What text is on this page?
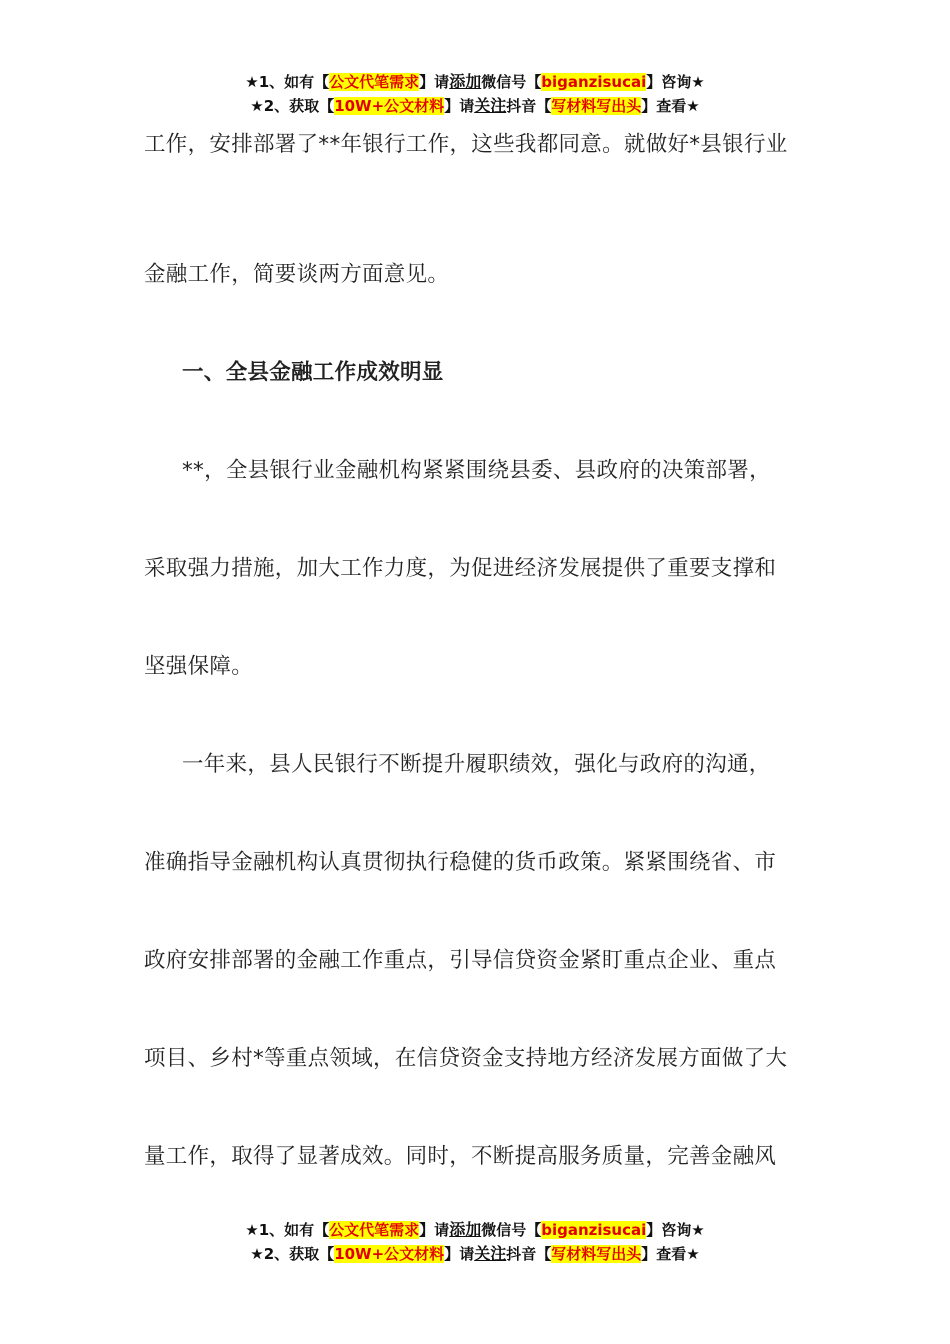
★1、如有【公文代笔需求】请添加微信号【biganzisucai】咨询★
★2、获取【10W+公文材料】请关注抖音【写材料写出头】查看★

工作，安排部署了**年银行工作，这些我都同意。就做好*县银行业

金融工作，简要谈两方面意见。

一、全县金融工作成效明显

**，全县银行业金融机构紧紧围绕县委、县政府的决策部署，

采取强力措施，加大工作力度，为促进经济发展提供了重要支撑和

坚强保障。

一年来，县人民银行不断提升履职绩效，强化与政府的沟通，

准确指导金融机构认真贯彻执行稳健的货币政策。紧紧围绕省、市

政府安排部署的金融工作重点，引导信贷资金紧盯重点企业、重点

项目、乡村*等重点领域，在信贷资金支持地方经济发展方面做了大

量工作，取得了显著成效。同时，不断提高服务质量，完善金融风

★1、如有【公文代笔需求】请添加微信号【biganzisucai】咨询★
★2、获取【10W+公文材料】请关注抖音【写材料写出头】查看★
